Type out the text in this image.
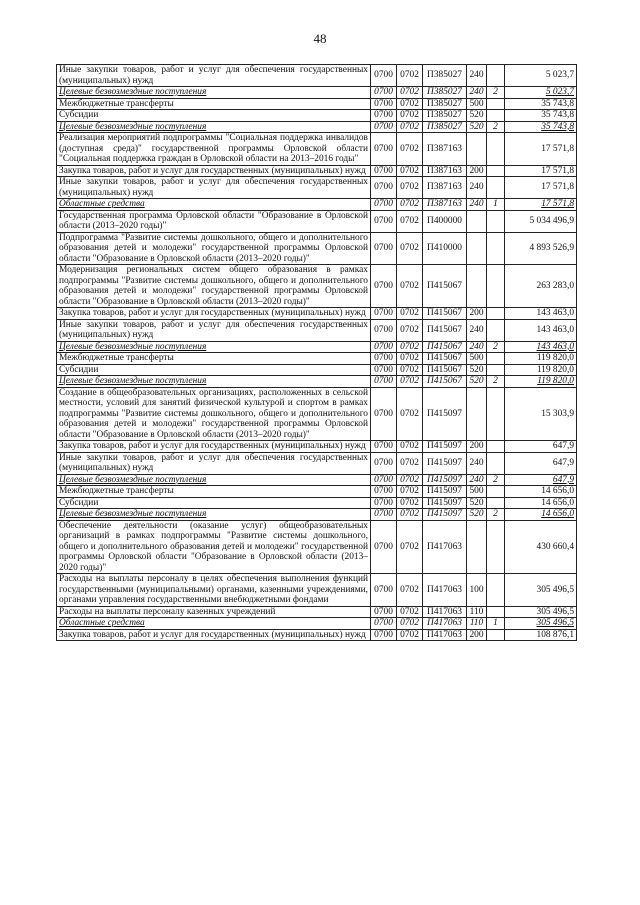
48
Иные закупки товаров, работ и услуг для обеспечения государственных (муниципальных) нужд	0700	0702	П385027	240		5 023,7
Целевые безвозмездные поступления	0700	0702	П385027	240	2	5 023,7
Межбюджетные трансферты	0700	0702	П385027	500		35 743,8
Субсидии	0700	0702	П385027	520		35 743,8
Целевые безвозмездные поступления	0700	0702	П385027	520	2	35 743,8
Реализация мероприятий подпрограммы "Социальная поддержка инвалидов (доступная среда)" государственной программы Орловской области "Социальная поддержка граждан в Орловской области на 2013–2016 годы"	0700	0702	П387163			17 571,8
Закупка товаров, работ и услуг для государственных (муниципальных) нужд	0700	0702	П387163	200		17 571,8
Иные закупки товаров, работ и услуг для обеспечения государственных (муниципальных) нужд	0700	0702	П387163	240		17 571,8
Областные средства	0700	0702	П387163	240	1	17 571,8
Государственная программа Орловской области "Образование в Орловской области (2013–2020 годы)"	0700	0702	П400000			5 034 496,9
Подпрограмма "Развитие системы дошкольного, общего и дополнительного образования детей и молодежи" государственной программы Орловской области "Образование в Орловской области (2013–2020 годы)"	0700	0702	П410000			4 893 526,9
Модернизация региональных систем общего образования в рамках подпрограммы "Развитие системы дошкольного, общего и дополнительного образования детей и молодежи" государственной программы Орловской области "Образование в Орловской области (2013–2020 годы)"	0700	0702	П415067			263 283,0
Закупка товаров, работ и услуг для государственных (муниципальных) нужд	0700	0702	П415067	200		143 463,0
Иные закупки товаров, работ и услуг для обеспечения государственных (муниципальных) нужд	0700	0702	П415067	240		143 463,0
Целевые безвозмездные поступления	0700	0702	П415067	240	2	143 463,0
Межбюджетные трансферты	0700	0702	П415067	500		119 820,0
Субсидии	0700	0702	П415067	520		119 820,0
Целевые безвозмездные поступления	0700	0702	П415067	520	2	119 820,0
Создание в общеобразовательных организациях, расположенных в сельской местности, условий для занятий физической культурой и спортом в рамках подпрограммы "Развитие системы дошкольного, общего и дополнительного образования детей и молодежи" государственной программы Орловской области "Образование в Орловской области (2013–2020 годы)"	0700	0702	П415097			15 303,9
Закупка товаров, работ и услуг для государственных (муниципальных) нужд	0700	0702	П415097	200		647,9
Иные закупки товаров, работ и услуг для обеспечения государственных (муниципальных) нужд	0700	0702	П415097	240		647,9
Целевые безвозмездные поступления	0700	0702	П415097	240	2	647,9
Межбюджетные трансферты	0700	0702	П415097	500		14 656,0
Субсидии	0700	0702	П415097	520		14 656,0
Целевые безвозмездные поступления	0700	0702	П415097	520	2	14 656,0
Обеспечение деятельности (оказание услуг) общеобразовательных организаций в рамках подпрограммы "Развитие системы дошкольного, общего и дополнительного образования детей и молодежи" государственной программы Орловской области "Образование в Орловской области (2013–2020 годы)"	0700	0702	П417063			430 660,4
Расходы на выплаты персоналу в целях обеспечения выполнения функций государственными (муниципальными) органами, казенными учреждениями, органами управления государственными внебюджетными фондами	0700	0702	П417063	100		305 496,5
Расходы на выплаты персоналу казенных учреждений	0700	0702	П417063	110		305 496,5
Областные средства	0700	0702	П417063	110	1	305 496,5
Закупка товаров, работ и услуг для государственных (муниципальных) нужд	0700	0702	П417063	200		108 876,1
